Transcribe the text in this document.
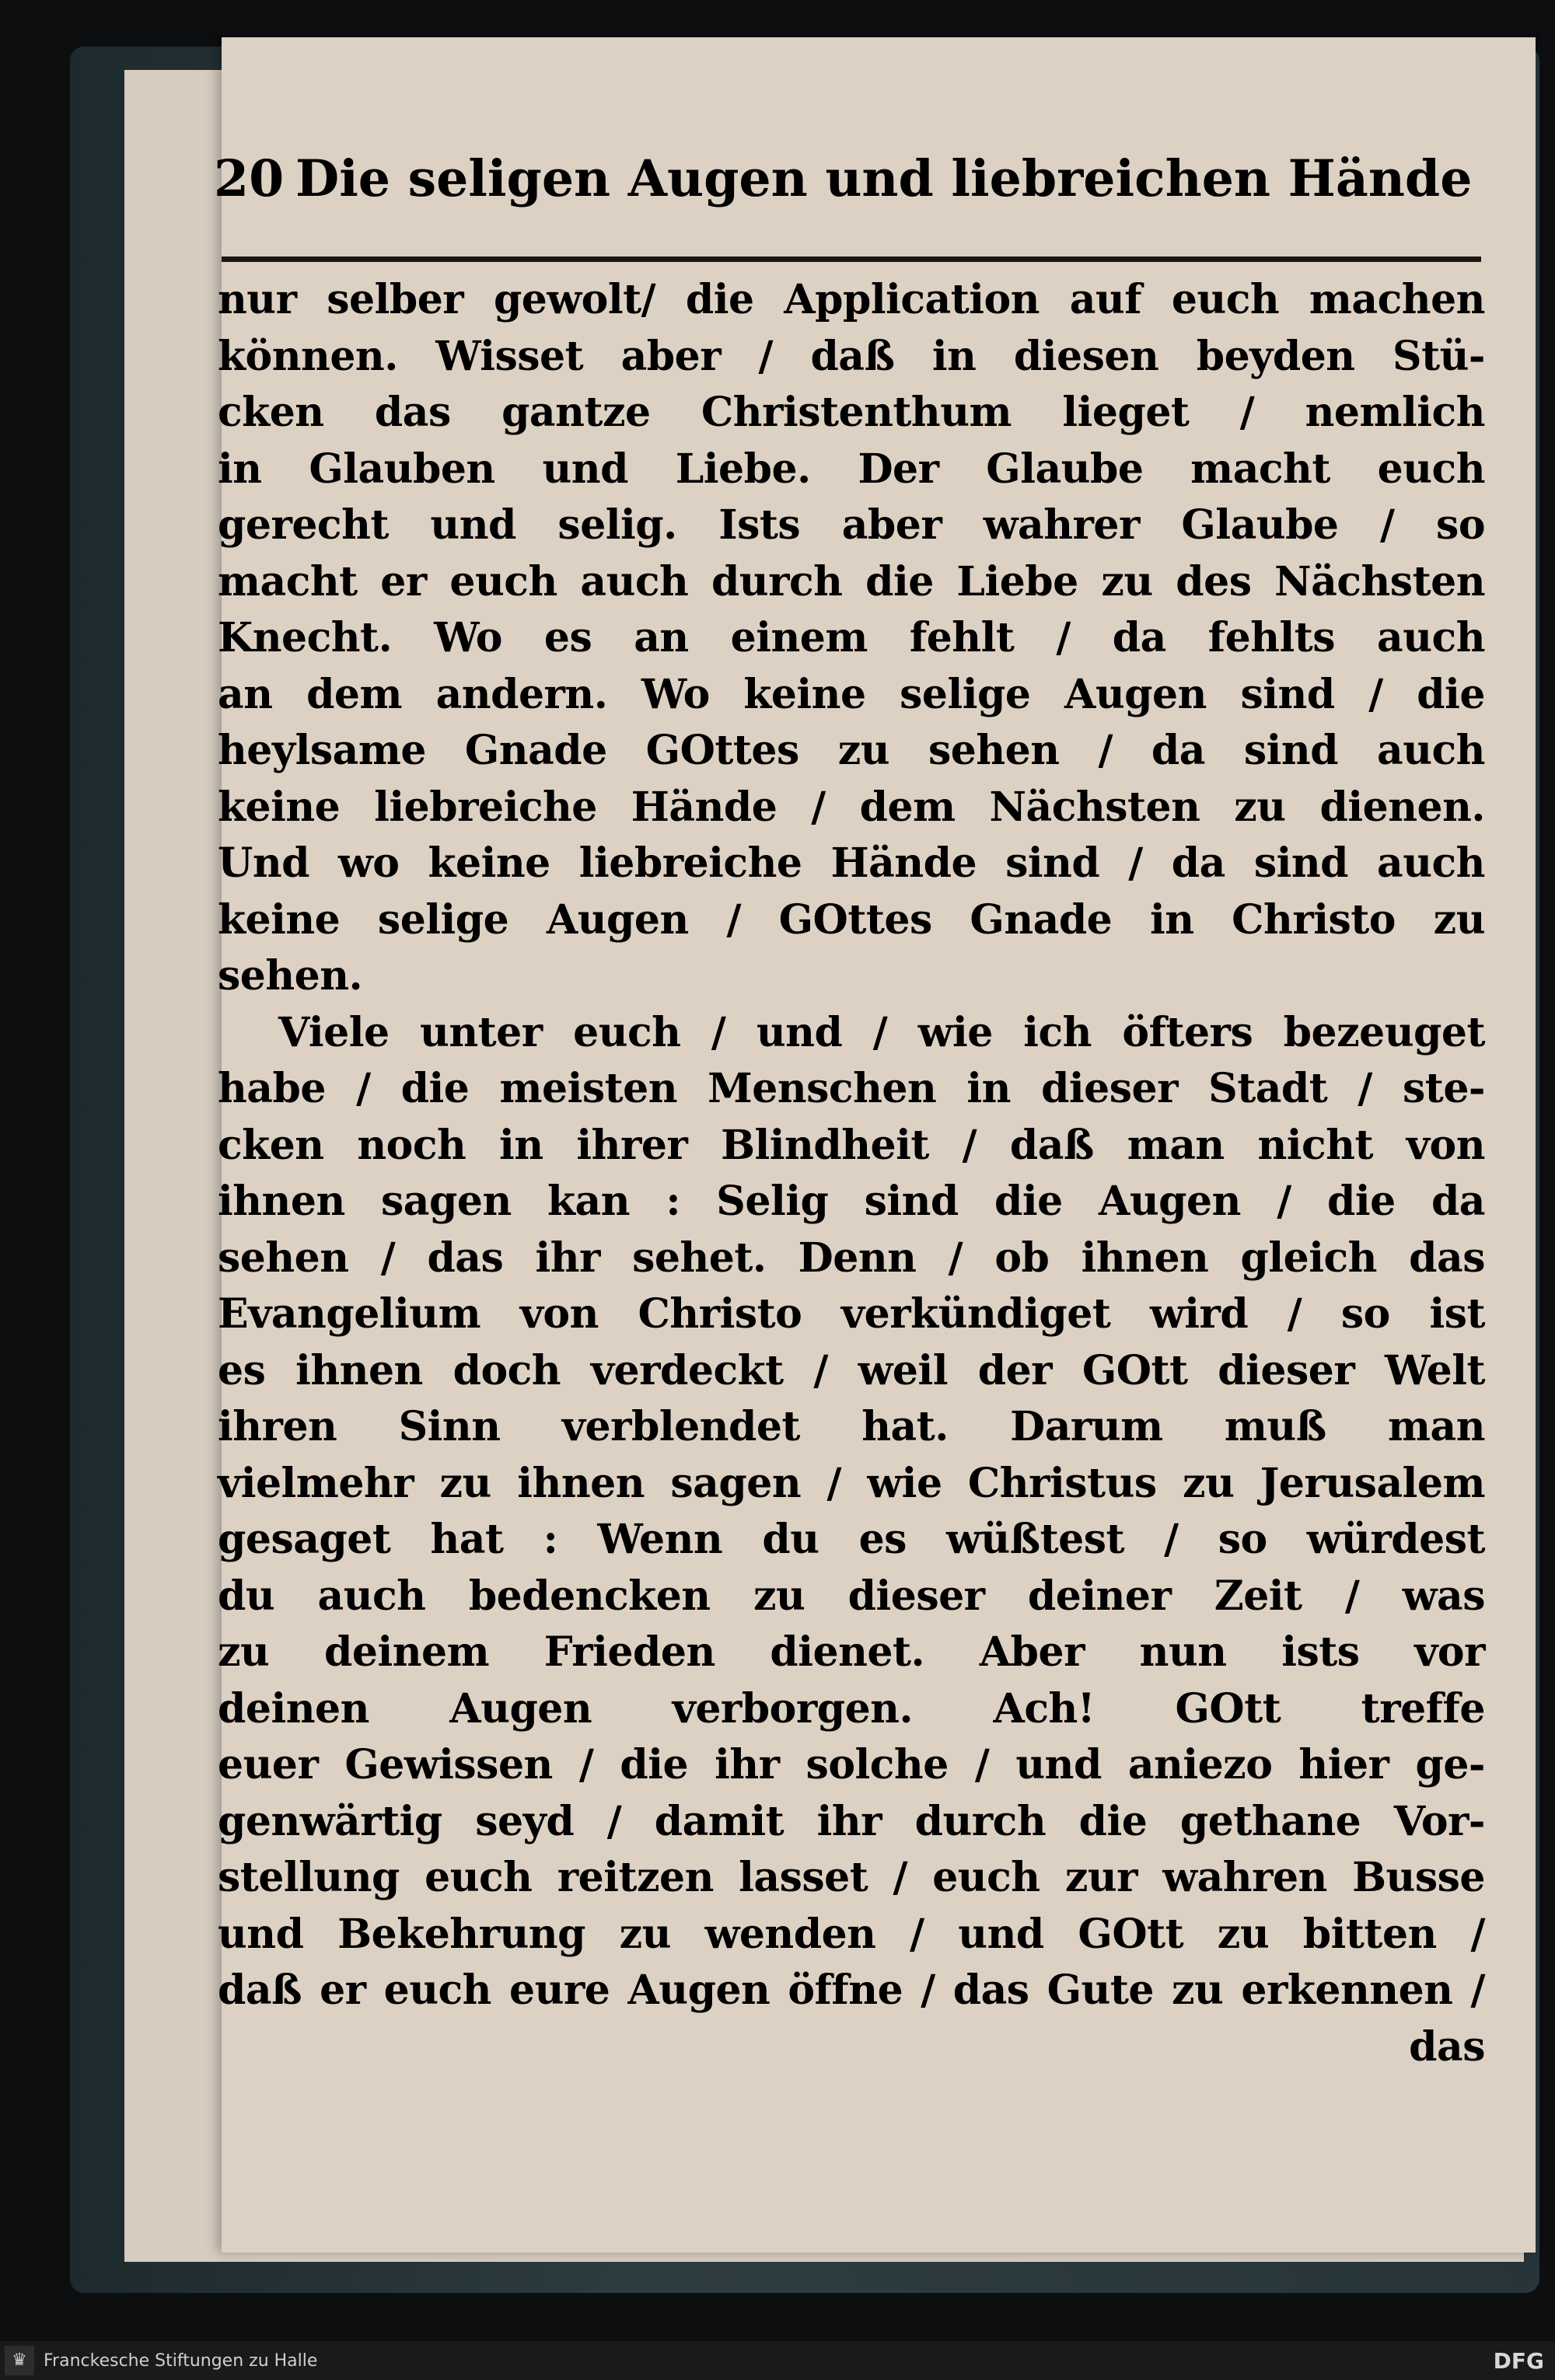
20 Die seligen Augen und liebreichen Hände
nur selber gewolt/ die Application auf euch machen
können. Wisset aber / daß in diesen beyden Stü-
cken das gantze Christenthum lieget / nemlich
in Glauben und Liebe. Der Glaube macht euch
gerecht und selig. Ists aber wahrer Glaube / so
macht er euch auch durch die Liebe zu des Nächsten
Knecht. Wo es an einem fehlt / da fehlts auch
an dem andern. Wo keine selige Augen sind / die
heylsame Gnade GOttes zu sehen / da sind auch
keine liebreiche Hände / dem Nächsten zu dienen.
Und wo keine liebreiche Hände sind / da sind auch
keine selige Augen / GOttes Gnade in Christo zu
sehen.
Viele unter euch / und / wie ich öfters bezeuget
habe / die meisten Menschen in dieser Stadt / ste-
cken noch in ihrer Blindheit / daß man nicht von
ihnen sagen kan : Selig sind die Augen / die da
sehen / das ihr sehet. Denn / ob ihnen gleich das
Evangelium von Christo verkündiget wird / so ist
es ihnen doch verdeckt / weil der GOtt dieser Welt
ihren Sinn verblendet hat. Darum muß man
vielmehr zu ihnen sagen / wie Christus zu Jerusalem
gesaget hat : Wenn du es wüßtest / so würdest
du auch bedencken zu dieser deiner Zeit / was
zu deinem Frieden dienet. Aber nun ists vor
deinen Augen verborgen. Ach! GOtt treffe
euer Gewissen / die ihr solche / und aniezo hier ge-
genwärtig seyd / damit ihr durch die gethane Vor-
stellung euch reitzen lasset / euch zur wahren Busse
und Bekehrung zu wenden / und GOtt zu bitten /
daß er euch eure Augen öffne / das Gute zu erkennen /
das
♛ Franckesche Stiftungen zu Halle	DFG
